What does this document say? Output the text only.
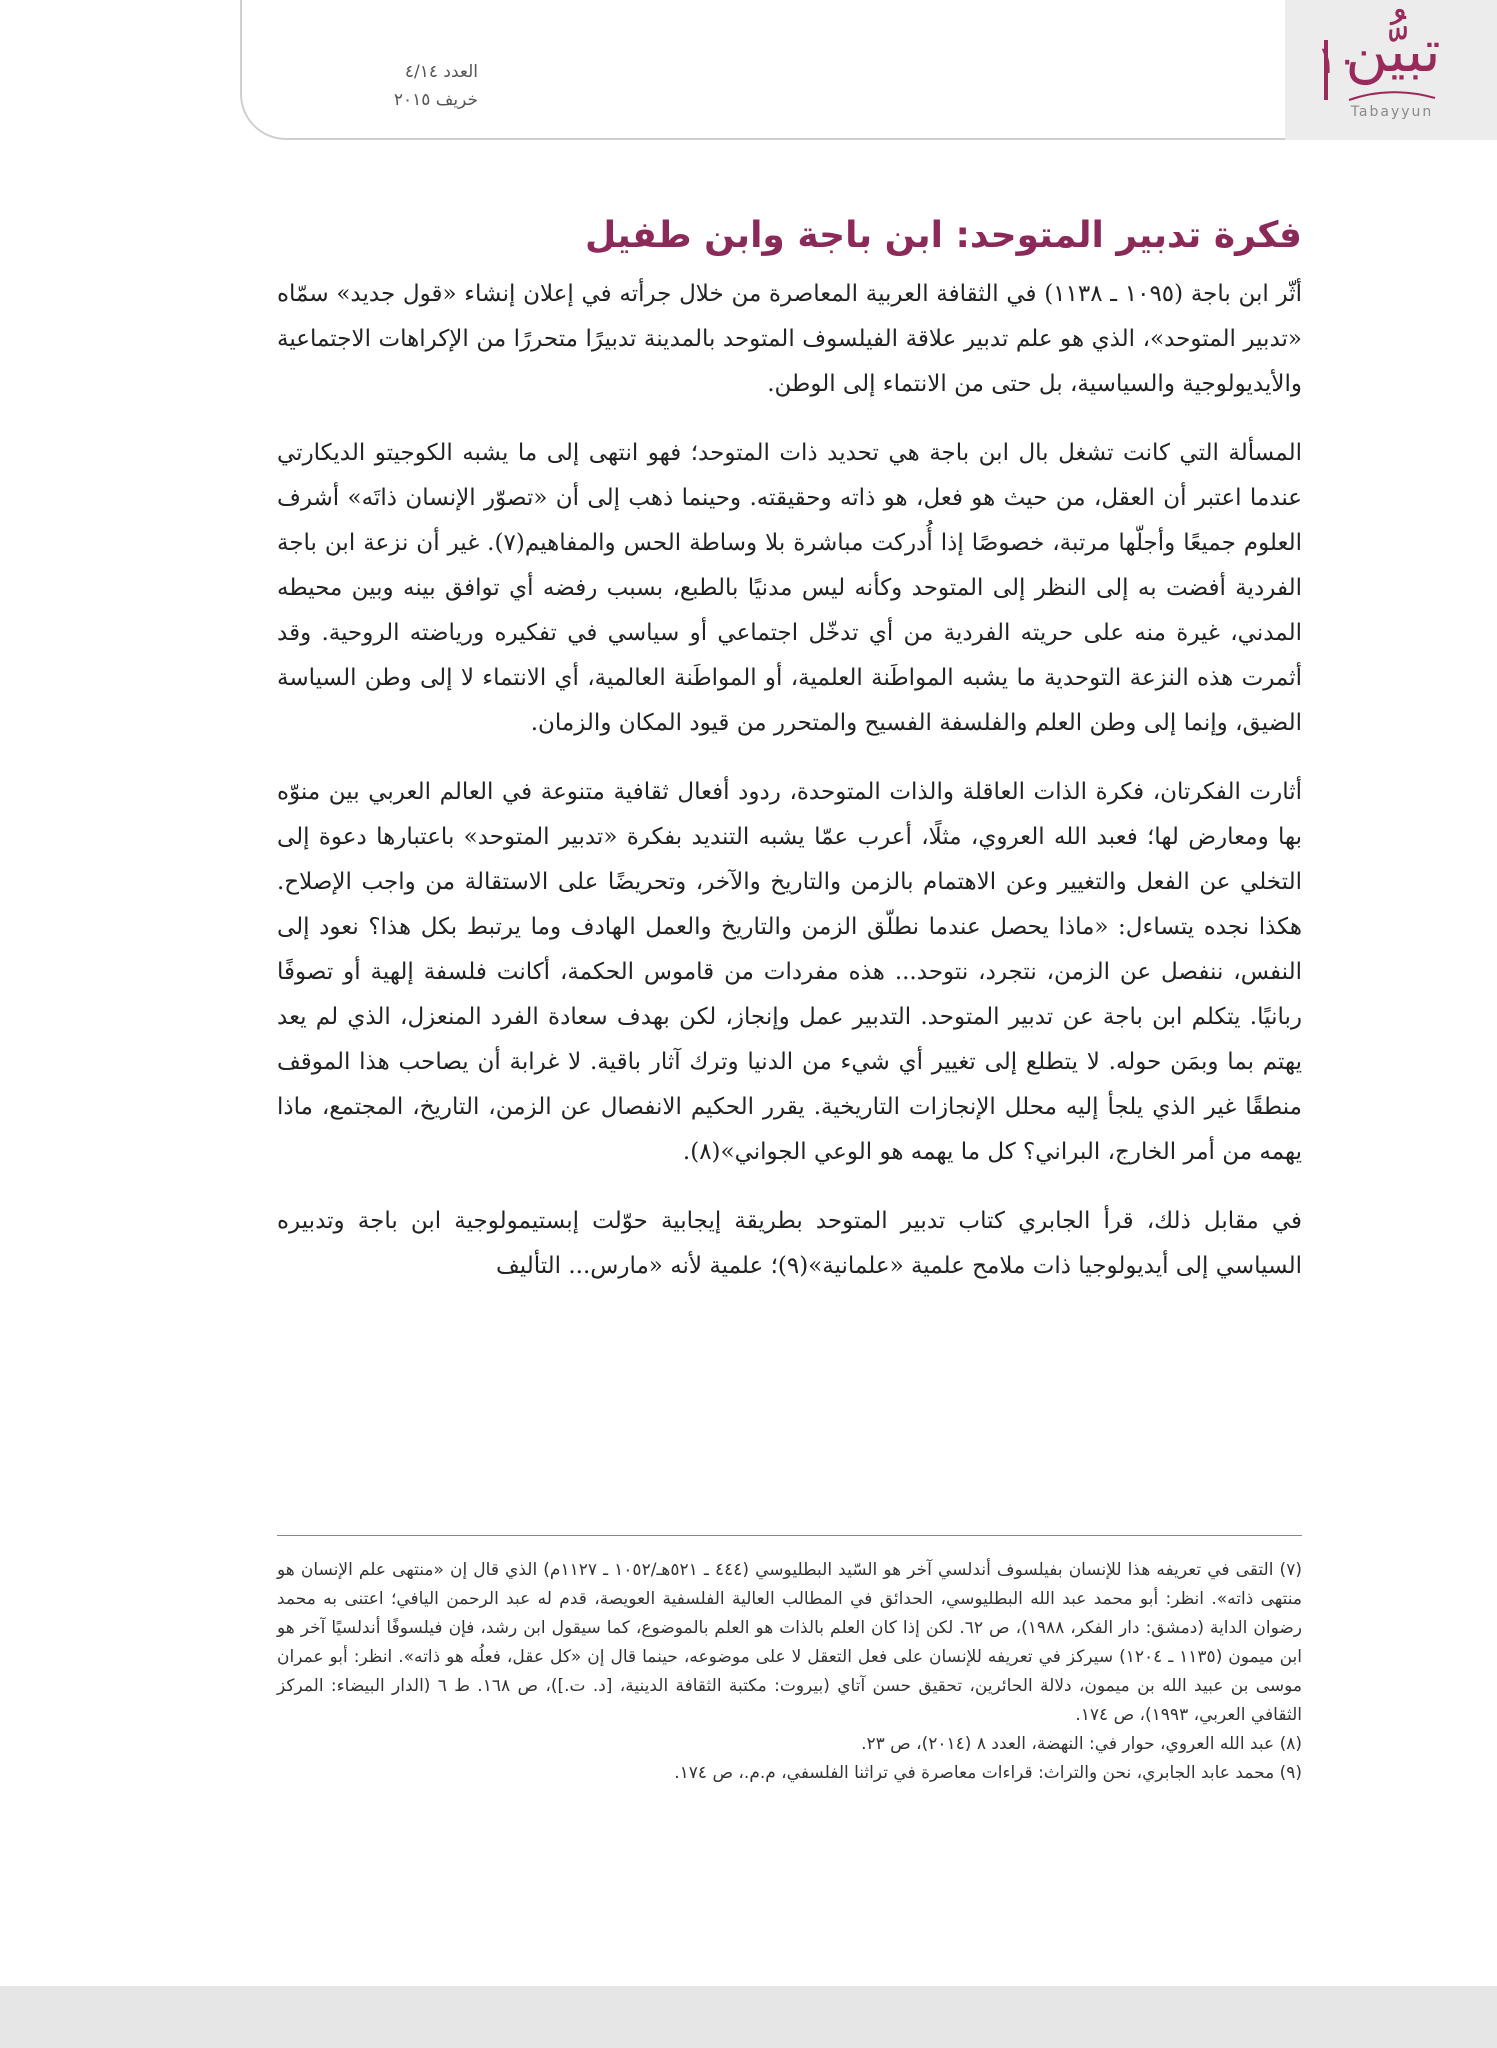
تبيُّن
Tabayyun
١٠
العدد ٤/١٤
خريف ٢٠١٥
فكرة تدبير المتوحد: ابن باجة وابن طفيل

أثّر ابن باجة (١٠٩٥ ـ ١١٣٨) في الثقافة العربية المعاصرة من خلال جرأته في إعلان إنشاء «قول جديد» سمّاه «تدبير المتوحد»، الذي هو علم تدبير علاقة الفيلسوف المتوحد بالمدينة تدبيرًا متحررًا من الإكراهات الاجتماعية والأيديولوجية والسياسية، بل حتى من الانتماء إلى الوطن.

المسألة التي كانت تشغل بال ابن باجة هي تحديد ذات المتوحد؛ فهو انتهى إلى ما يشبه الكوجيتو الديكارتي عندما اعتبر أن العقل، من حيث هو فعل، هو ذاته وحقيقته. وحينما ذهب إلى أن «تصوّر الإنسان ذاتَه» أشرف العلوم جميعًا وأجلّها مرتبة، خصوصًا إذا أُدركت مباشرة بلا وساطة الحس والمفاهيم(٧). غير أن نزعة ابن باجة الفردية أفضت به إلى النظر إلى المتوحد وكأنه ليس مدنيًا بالطبع، بسبب رفضه أي توافق بينه وبين محيطه المدني، غيرة منه على حريته الفردية من أي تدخّل اجتماعي أو سياسي في تفكيره ورياضته الروحية. وقد أثمرت هذه النزعة التوحدية ما يشبه المواطَنة العلمية، أو المواطَنة العالمية، أي الانتماء لا إلى وطن السياسة الضيق، وإنما إلى وطن العلم والفلسفة الفسيح والمتحرر من قيود المكان والزمان.

أثارت الفكرتان، فكرة الذات العاقلة والذات المتوحدة، ردود أفعال ثقافية متنوعة في العالم العربي بين منوّه بها ومعارض لها؛ فعبد الله العروي، مثلًا، أعرب عمّا يشبه التنديد بفكرة «تدبير المتوحد» باعتبارها دعوة إلى التخلي عن الفعل والتغيير وعن الاهتمام بالزمن والتاريخ والآخر، وتحريضًا على الاستقالة من واجب الإصلاح. هكذا نجده يتساءل: «ماذا يحصل عندما نطلّق الزمن والتاريخ والعمل الهادف وما يرتبط بكل هذا؟ نعود إلى النفس، ننفصل عن الزمن، نتجرد، نتوحد... هذه مفردات من قاموس الحكمة، أكانت فلسفة إلهية أو تصوفًا ربانيًا. يتكلم ابن باجة عن تدبير المتوحد. التدبير عمل وإنجاز، لكن بهدف سعادة الفرد المنعزل، الذي لم يعد يهتم بما وبمَن حوله. لا يتطلع إلى تغيير أي شيء من الدنيا وترك آثار باقية. لا غرابة أن يصاحب هذا الموقف منطقًا غير الذي يلجأ إليه محلل الإنجازات التاريخية. يقرر الحكيم الانفصال عن الزمن، التاريخ، المجتمع، ماذا يهمه من أمر الخارج، البراني؟ كل ما يهمه هو الوعي الجواني»(٨).

في مقابل ذلك، قرأ الجابري كتاب تدبير المتوحد بطريقة إيجابية حوّلت إبستيمولوجية ابن باجة وتدبيره السياسي إلى أيديولوجيا ذات ملامح علمية «علمانية»(٩)؛ علمية لأنه «مارس... التأليف

(٧) التقى في تعريفه هذا للإنسان بفيلسوف أندلسي آخر هو السّيد البطليوسي (٤٤٤ ـ ٥٢١هـ/١٠٥٢ ـ ١١٢٧م) الذي قال إن «منتهى علم الإنسان هو منتهى ذاته». انظر: أبو محمد عبد الله البطليوسي، الحدائق في المطالب العالية الفلسفية العويصة، قدم له عبد الرحمن اليافي؛ اعتنى به محمد رضوان الداية (دمشق: دار الفكر، ١٩٨٨)، ص ٦٢. لكن إذا كان العلم بالذات هو العلم بالموضوع، كما سيقول ابن رشد، فإن فيلسوفًا أندلسيًا آخر هو ابن ميمون (١١٣٥ ـ ١٢٠٤) سيركز في تعريفه للإنسان على فعل التعقل لا على موضوعه، حينما قال إن «كل عقل، فعلُه هو ذاته». انظر: أبو عمران موسى بن عبيد الله بن ميمون، دلالة الحائرين، تحقيق حسن آتاي (بيروت: مكتبة الثقافة الدينية، [د. ت.])، ص ١٦٨. ط ٦ (الدار البيضاء: المركز الثقافي العربي، ١٩٩٣)، ص ١٧٤.

(٨) عبد الله العروي، حوار في: النهضة، العدد ٨ (٢٠١٤)، ص ٢٣.

(٩) محمد عابد الجابري، نحن والتراث: قراءات معاصرة في تراثنا الفلسفي، م.م.، ص ١٧٤.
